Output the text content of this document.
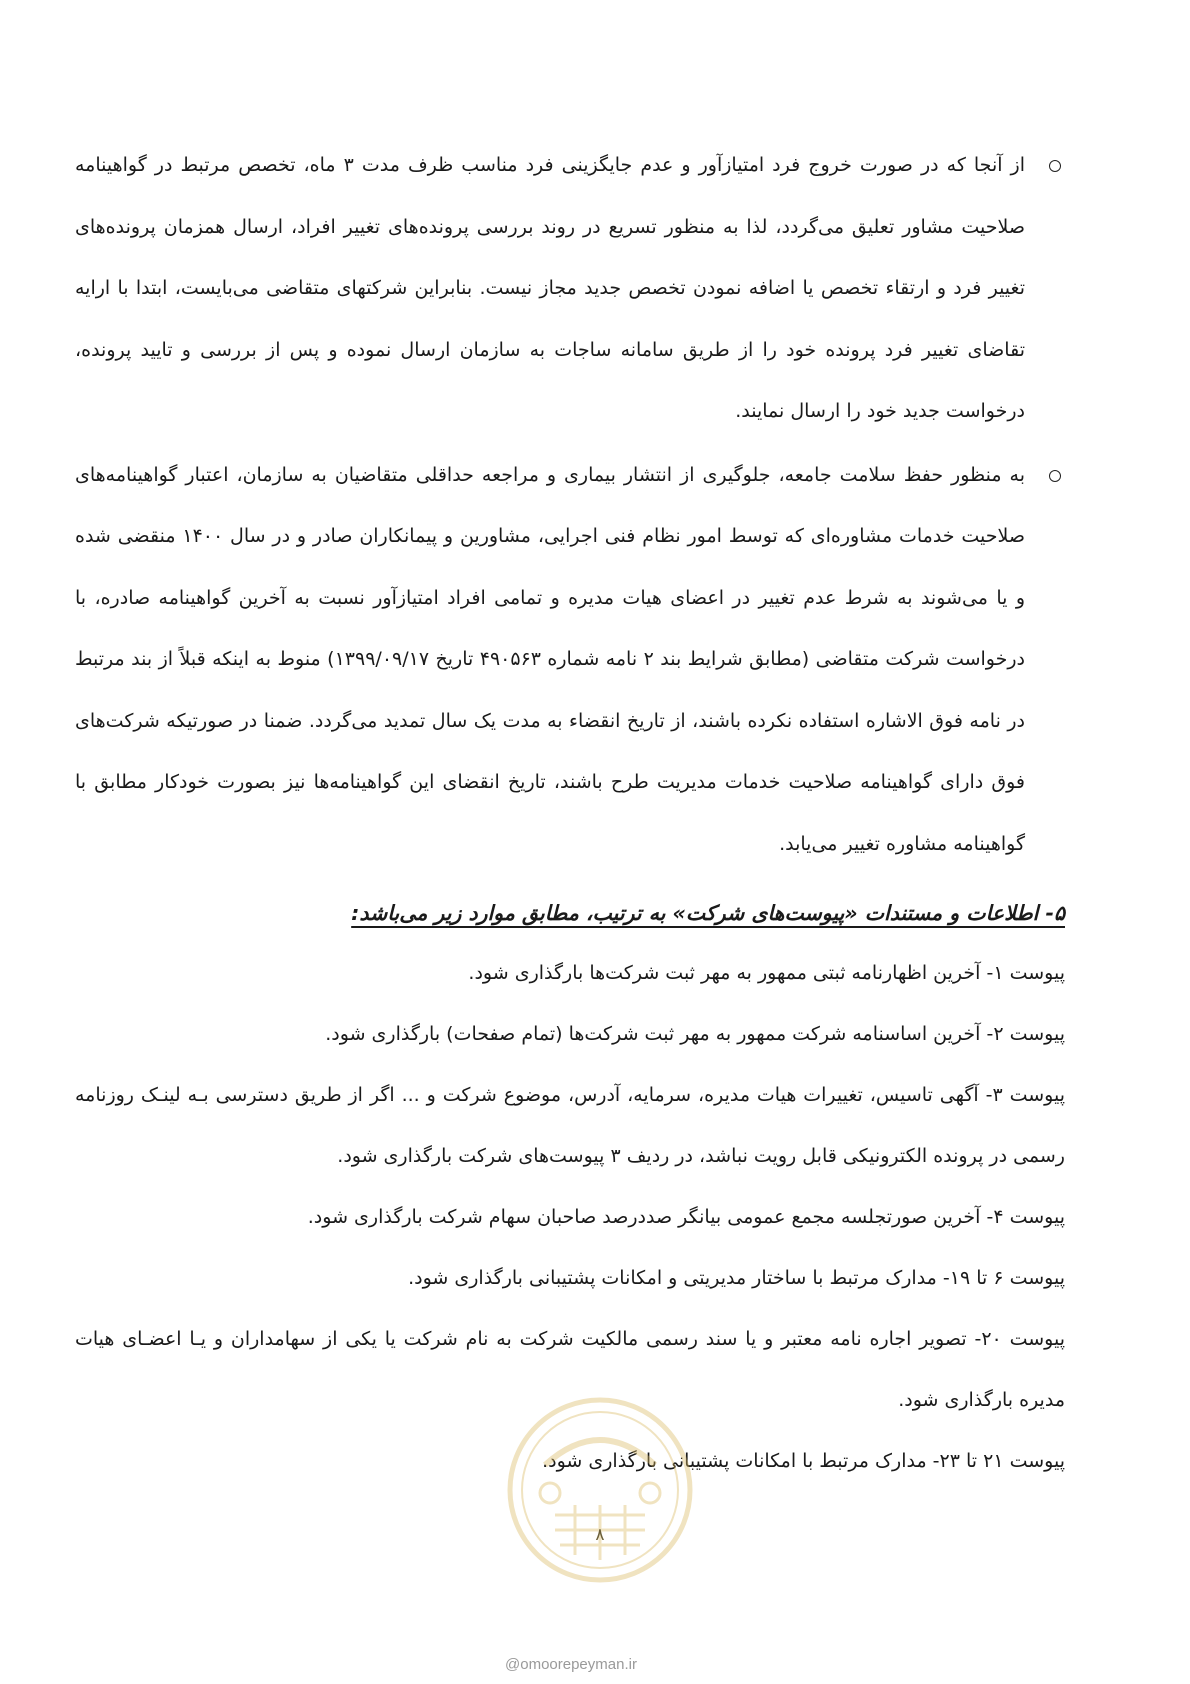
از آنجا که در صورت خروج فرد امتیازآور و عدم جایگزینی فرد مناسب ظرف مدت ۳ ماه، تخصص مرتبط در گواهینامه صلاحیت مشاور تعلیق می‌گردد، لذا به منظور تسریع در روند بررسی پرونده‌های تغییر افراد، ارسال همزمان پرونده‌های تغییر فرد و ارتقاء تخصص یا اضافه نمودن تخصص جدید مجاز نیست. بنابراین شرکتهای متقاضی می‌بایست، ابتدا با ارایه تقاضای تغییر فرد پرونده خود را از طریق سامانه ساجات به سازمان ارسال نموده و پس از بررسی و تایید پرونده، درخواست جدید خود را ارسال نمایند.

به منظور حفظ سلامت جامعه، جلوگیری از انتشار بیماری و مراجعه حداقلی متقاضیان به سازمان، اعتبار گواهینامه‌های صلاحیت خدمات مشاوره‌ای که توسط امور نظام فنی اجرایی، مشاورین و پیمانکاران صادر و در سال ۱۴۰۰ منقضی شده و یا می‌شوند به شرط عدم تغییر در اعضای هیات مدیره و تمامی افراد امتیازآور نسبت به آخرین گواهینامه صادره، با درخواست شرکت متقاضی (مطابق شرایط بند ۲ نامه شماره ۴۹۰۵۶۳ تاریخ ۱۳۹۹/۰۹/۱۷) منوط به اینکه قبلاً از بند مرتبط در نامه فوق الاشاره استفاده نکرده باشند، از تاریخ انقضاء به مدت یک سال تمدید می‌گردد. ضمنا در صورتیکه شرکت‌های فوق دارای گواهینامه صلاحیت خدمات مدیریت طرح باشند، تاریخ انقضای این گواهینامه‌ها نیز بصورت خودکار مطابق با گواهینامه مشاوره تغییر می‌یابد.

۵- اطلاعات و مستندات «پیوست‌های شرکت» به ترتیب، مطابق موارد زیر می‌باشد:
پیوست ۱- آخرین اظهارنامه ثبتی ممهور به مهر ثبت شرکت‌ها بارگذاری شود.
پیوست ۲- آخرین اساسنامه شرکت ممهور به مهر ثبت شرکت‌ها (تمام صفحات) بارگذاری شود.
پیوست ۳- آگهی تاسیس، تغییرات هیات مدیره، سرمایه، آدرس، موضوع شرکت و ... اگر از طریق دسترسی بـه لینـک روزنامه رسمی در پرونده الکترونیکی قابل رویت نباشد، در ردیف ۳ پیوست‌های شرکت بارگذاری شود.
پیوست ۴- آخرین صورتجلسه مجمع عمومی بیانگر صددرصد صاحبان سهام شرکت بارگذاری شود.
پیوست ۶ تا ۱۹- مدارک مرتبط با ساختار مدیریتی و امکانات پشتیبانی بارگذاری شود.
پیوست ۲۰- تصویر اجاره نامه معتبر و یا سند رسمی مالکیت شرکت به نام شرکت یا یکی از سهامداران و یـا اعضـای هیات مدیره بارگذاری شود.
پیوست ۲۱ تا ۲۳- مدارک مرتبط با امکانات پشتیبانی بارگذاری شود.
۸
@omoorepeyman.ir
